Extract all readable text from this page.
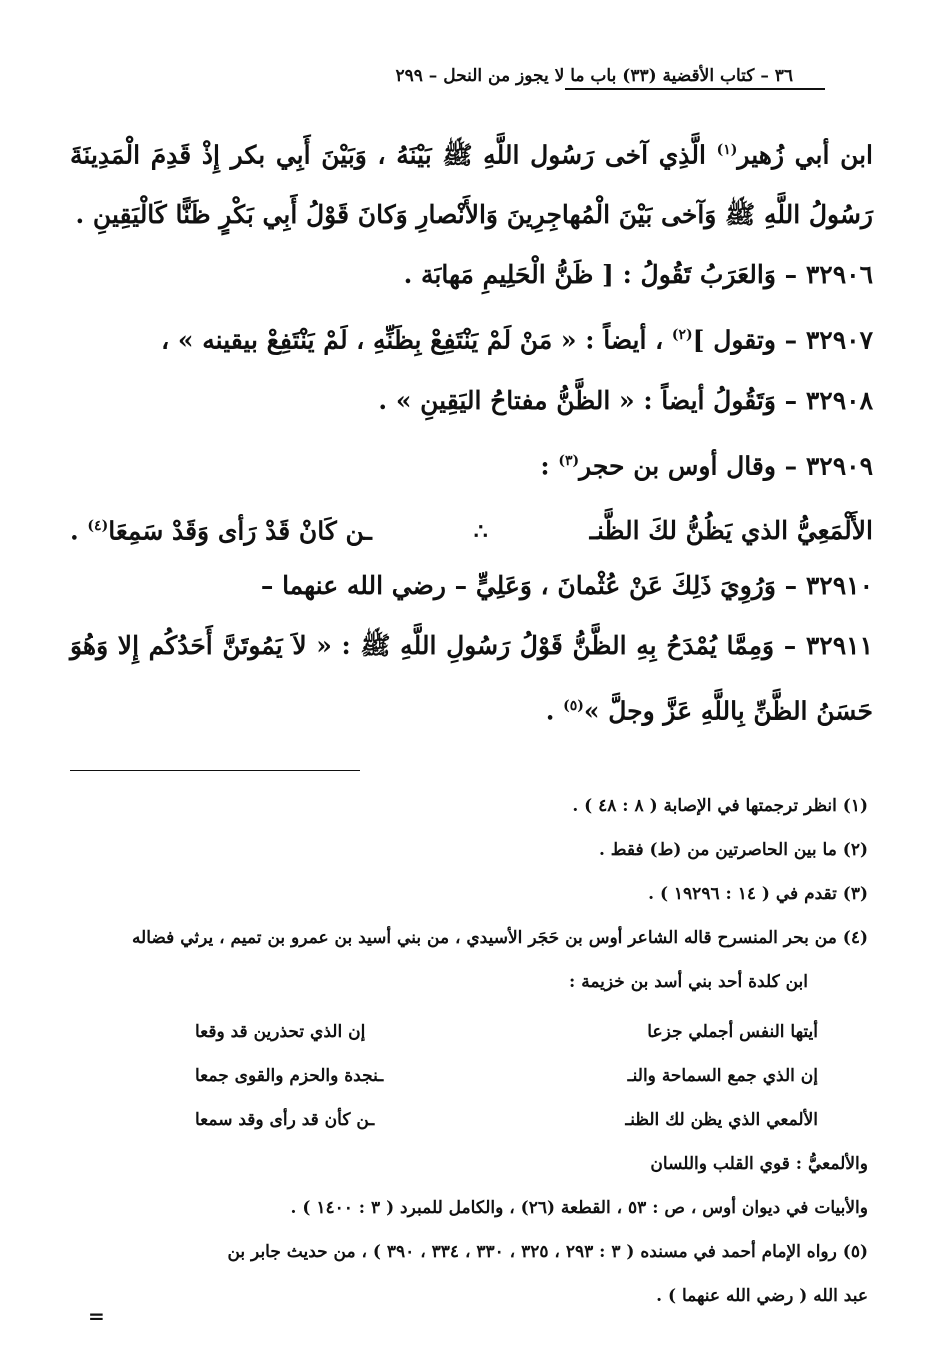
٣٦ – كتاب الأقضية (٣٣) باب ما لا يجوز من النحل – ٢٩٩

ابن أبي زُهير$^{(١)}$ الَّذِي آخى رَسُول اللَّهِ ﷺ بَيْنَهُ ، وَبَيْنَ أَبِي بكر إِذْ قَدِمَ الْمَدِينَةَ رَسُولُ اللَّهِ ﷺ وَآخى بَيْنَ الْمُهاجِرِينَ وَالأَنْصارِ وَكانَ قَوْلُ أَبِي بَكْرٍ ظَنًّا كَالْيَقِينِ .

٣٢٩٠٦ – وَالعَرَبُ تَقُولُ : [ ظَنُّ الْحَلِيمِ مَهابَة .

٣٢٩٠٧ – وتقول ]$^{(٢)}$ ، أيضاً : « مَنْ لَمْ يَنْتَفِعْ بِظَنِّهِ ، لَمْ يَنْتَفِعْ بيقينه » ،

٣٢٩٠٨ – وَتَقُولُ أيضاً : « الظَّنُّ مفتاحُ اليَقِينِ » .

٣٢٩٠٩ – وقال أوس بن حجر$^{(٣)}$ :

الأَلْمَعِيُّ الذي يَظُنُّ لكَ الظَّنـ
∴
ـن كَانْ قَدْ رَأى وَقَدْ سَمِعَا$^{(٤)}$ .

٣٢٩١٠ – وَرُوِيَ ذَلِكَ عَنْ عُثْمانَ ، وَعَلِيٍّ – رضي الله عنهما –

٣٢٩١١ – وَمِمَّا يُمْدَحُ بِهِ الظَّنُّ قَوْلُ رَسُولِ اللَّهِ ﷺ : « لاَ يَمُوتَنَّ أَحَدُكُم إِلا وَهُوَ حَسَنُ الظَّنِّ بِاللَّهِ عَزَّ وجلَّ »$^{(٥)}$ .

(١) انظر ترجمتها في الإصابة ( ٨ : ٤٨ ) .

(٢) ما بين الحاصرتين من (ط) فقط .

(٣) تقدم في ( ١٤ : ١٩٢٩٦ ) .

(٤) من بحر المنسرح قاله الشاعر أوس بن حَجَر الأسيدي ، من بني أسيد بن عمرو بن تميم ، يرثي فضاله

ابن كلدة أحد بني أسد بن خزيمة :

أيتها النفس أجملي جزعا
إن الذي تحذرين قد وقعا
إن الذي جمع السماحة والنـ
ـنجدة والحزم والقوى جمعا
الألمعي الذي يظن لك الظنـ
ـن كأن قد رأى وقد سمعا

والألمعيُّ : قوي القلب واللسان

والأبيات في ديوان أوس ، ص : ٥٣ ، القطعة (٢٦) ، والكامل للمبرد ( ٣ : ١٤٠٠ ) .

(٥) رواه الإمام أحمد في مسنده ( ٣ : ٢٩٣ ، ٣٢٥ ، ٣٣٠ ، ٣٣٤ ، ٣٩٠ ) ، من حديث جابر بن

عبد الله ( رضي الله عنهما ) .

=
